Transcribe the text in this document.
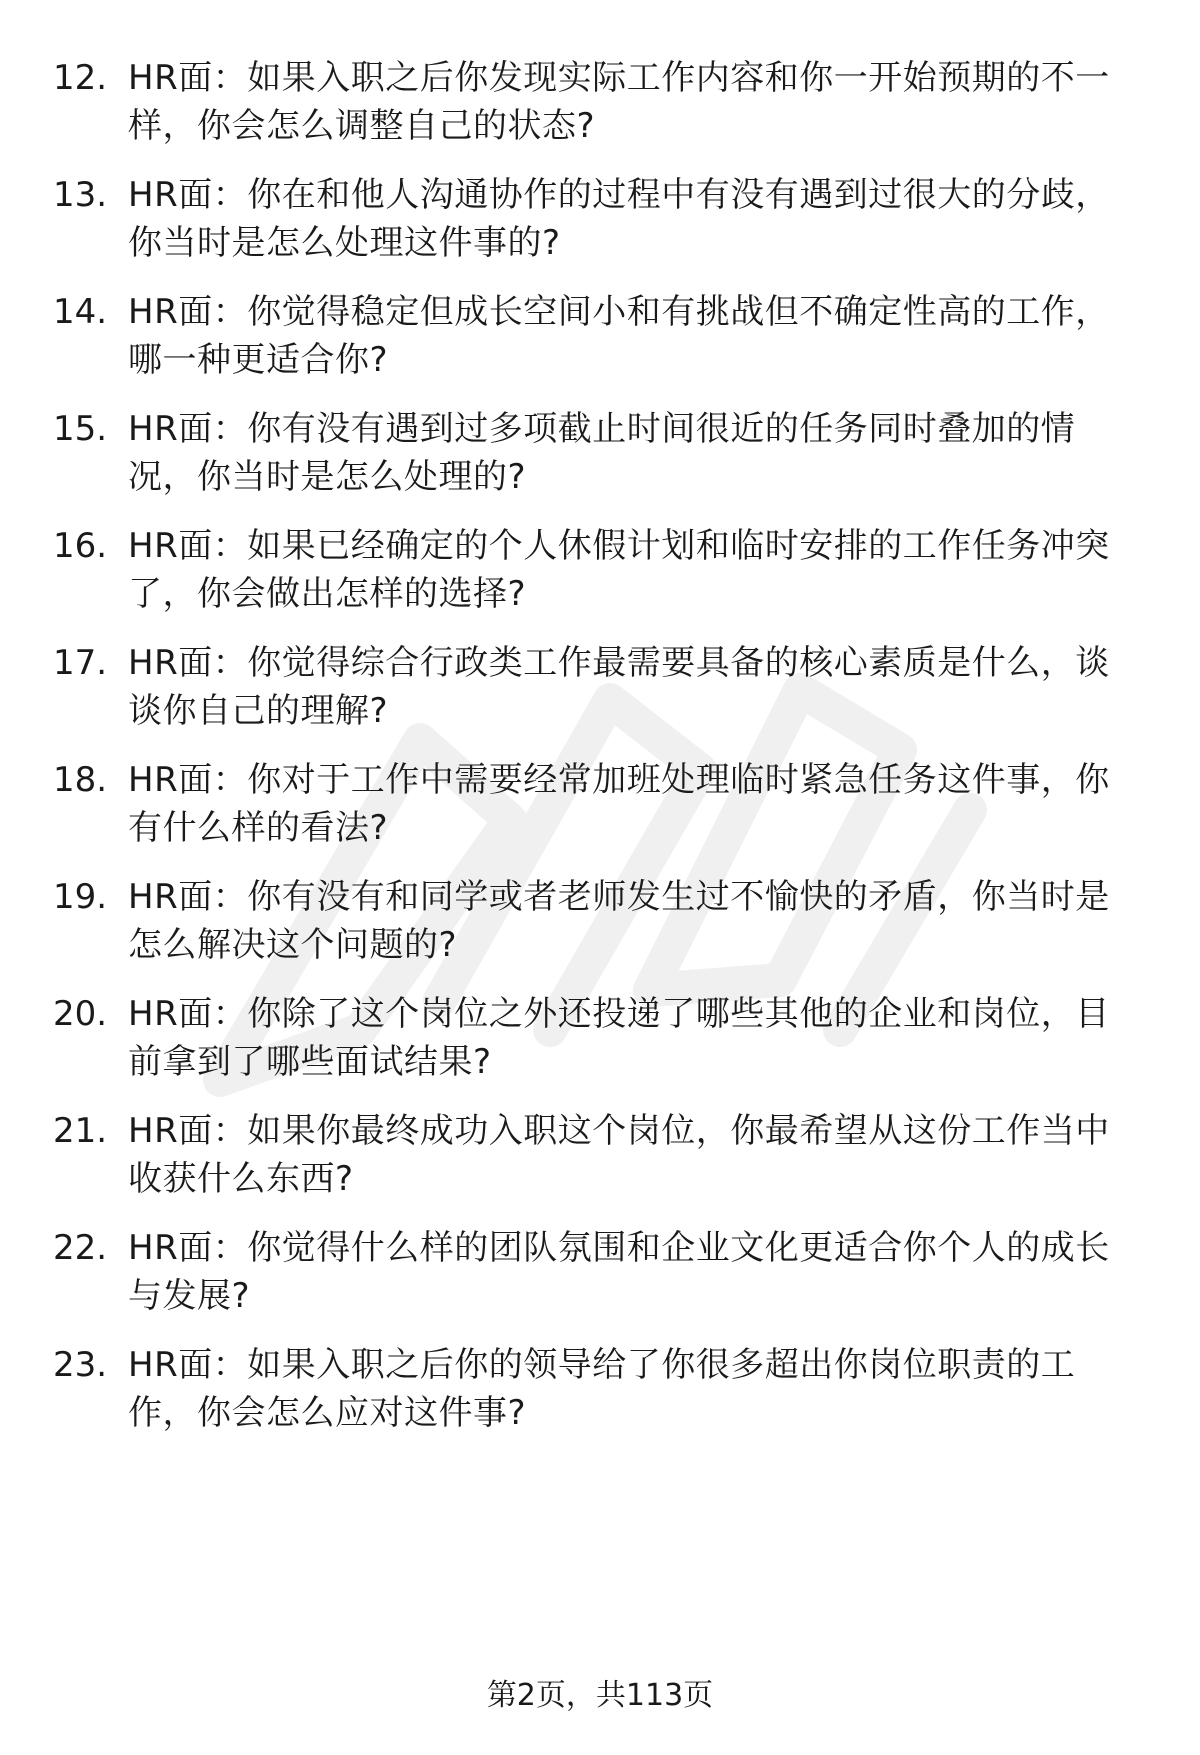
12. HR面：如果入职之后你发现实际工作内容和你一开始预期的不一
样，你会怎么调整自己的状态?
13. HR面：你在和他人沟通协作的过程中有没有遇到过很大的分歧，
你当时是怎么处理这件事的?
14. HR面：你觉得稳定但成长空间小和有挑战但不确定性高的工作，
哪一种更适合你?
15. HR面：你有没有遇到过多项截止时间很近的任务同时叠加的情
况，你当时是怎么处理的?
16. HR面：如果已经确定的个人休假计划和临时安排的工作任务冲突
了，你会做出怎样的选择?
17. HR面：你觉得综合行政类工作最需要具备的核心素质是什么，谈
谈你自己的理解?
18. HR面：你对于工作中需要经常加班处理临时紧急任务这件事，你
有什么样的看法?
19. HR面：你有没有和同学或者老师发生过不愉快的矛盾，你当时是
怎么解决这个问题的?
20. HR面：你除了这个岗位之外还投递了哪些其他的企业和岗位，目
前拿到了哪些面试结果?
21. HR面：如果你最终成功入职这个岗位，你最希望从这份工作当中
收获什么东西?
22. HR面：你觉得什么样的团队氛围和企业文化更适合你个人的成长
与发展?
23. HR面：如果入职之后你的领导给了你很多超出你岗位职责的工
作，你会怎么应对这件事?
第2页，共113页
